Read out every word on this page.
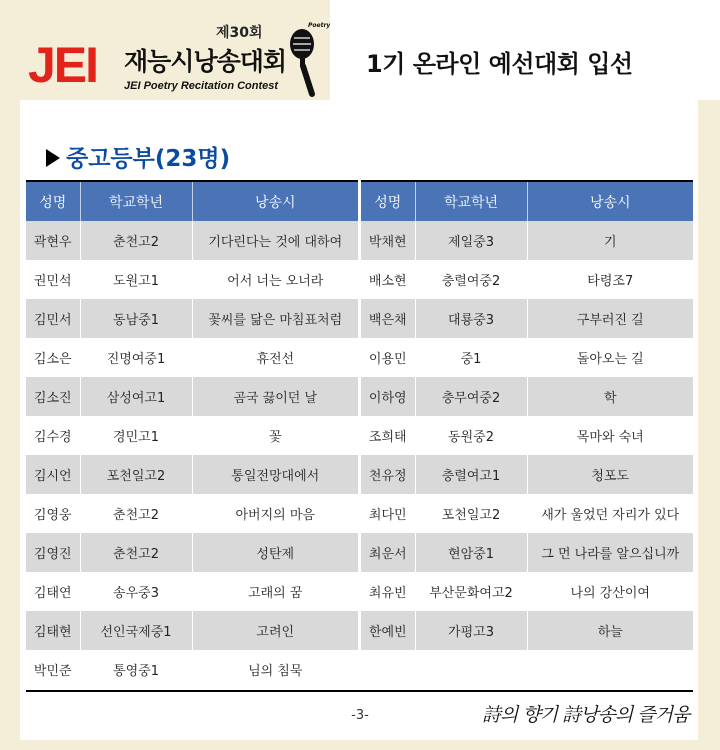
JEI
제30회
재능시낭송대회
JEI Poetry Recitation Contest
Poetry
1기 온라인 예선대회 입선
중고등부(23명)
성명	학교학년	낭송시
곽현우	춘천고2	기다린다는 것에 대하여
권민석	도원고1	어서 너는 오너라
김민서	동남중1	꽃씨를 닮은 마침표처럼
김소은	진명여중1	휴전선
김소진	삼성여고1	곰국 끓이던 날
김수경	경민고1	꽃
김시언	포천일고2	통일전망대에서
김영웅	춘천고2	아버지의 마음
김영진	춘천고2	성탄제
김태연	송우중3	고래의 꿈
김태현	선인국제중1	고려인
박민준	통영중1	님의 침묵
성명	학교학년	낭송시
박채현	제일중3	기
배소현	충렬여중2	타령조7
백은채	대룡중3	구부러진 길
이용민	중1	돌아오는 길
이하영	충무여중2	학
조희태	동원중2	목마와 숙녀
천유정	충렬여고1	청포도
최다민	포천일고2	새가 울었던 자리가 있다
최운서	현암중1	그 먼 나라를 알으십니까
최유빈	부산문화여고2	나의 강산이여
한예빈	가평고3	하늘

-3-	詩의 향기 詩낭송의 즐거움
